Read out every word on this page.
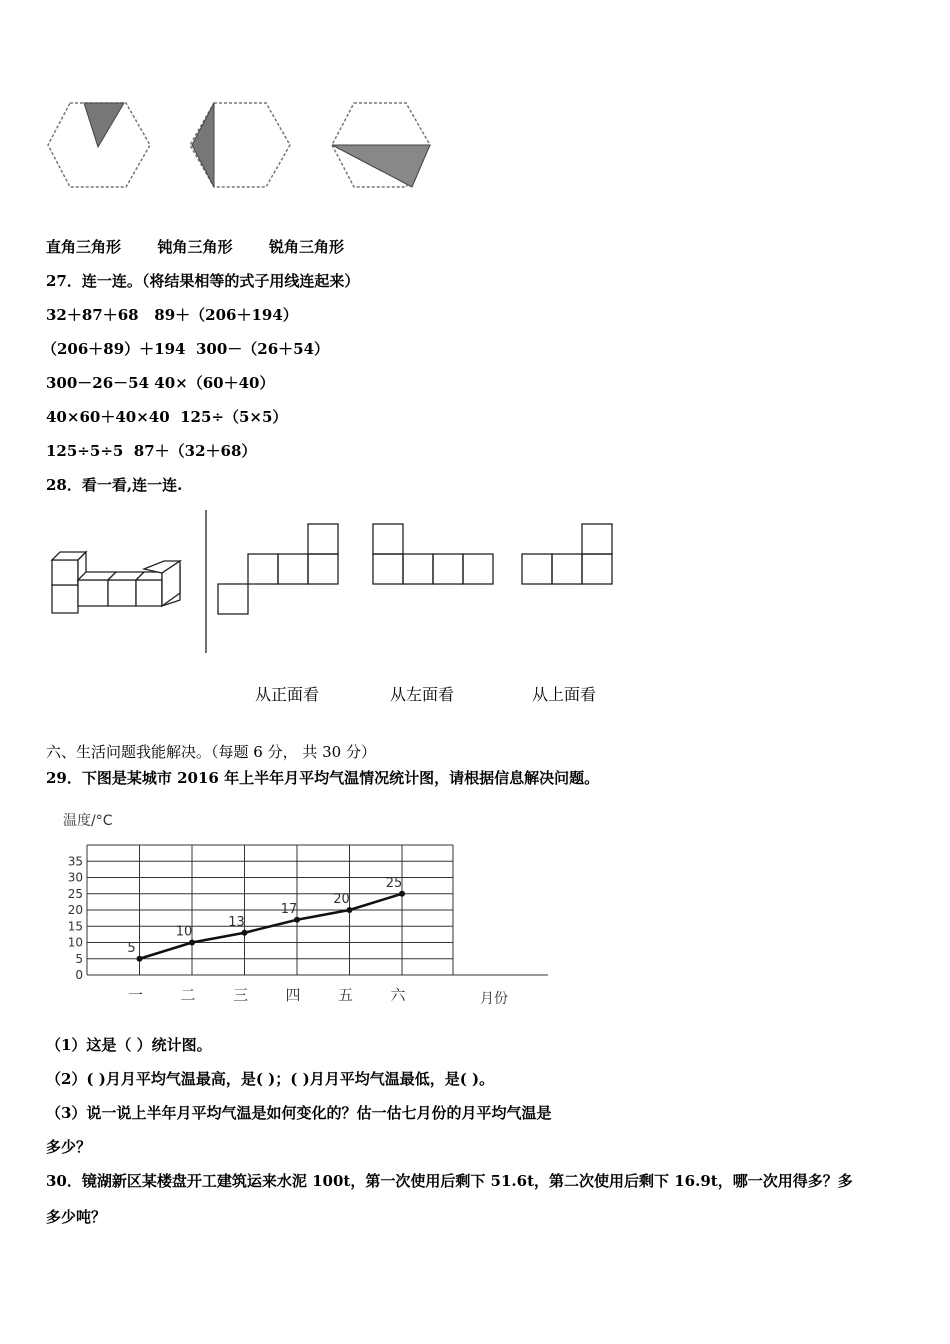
直角三角形 钝角三角形 锐角三角形
27．连一连。（将结果相等的式子用线连起来）
32＋87＋68 89＋（206＋194）
（206＋89）＋194 300－（26＋54）
300－26－54 40×（60＋40）
40×60＋40×40 125÷（5×5）
125÷5÷5 87＋（32＋68）
28．看一看,连一连.
从正面看	从左面看	从上面看
六、生活问题我能解决。（每题 6 分， 共 30 分）
29．下图是某城市 2016 年上半年月平均气温情况统计图，请根据信息解决问题。
温度/°C
月份
0
5
10
15
20
25
30
35
一 二 三 四 五 六
5
10
13
17
20
25
（1）这是（ ）统计图。
（2）( )月月平均气温最高，是( )；( )月月平均气温最低，是( )。
（3）说一说上半年月平均气温是如何变化的？估一估七月份的月平均气温是
多少？
30．镜湖新区某楼盘开工建筑运来水泥 100t，第一次使用后剩下 51.6t，第二次使用后剩下 16.9t，哪一次用得多？多
多少吨？
